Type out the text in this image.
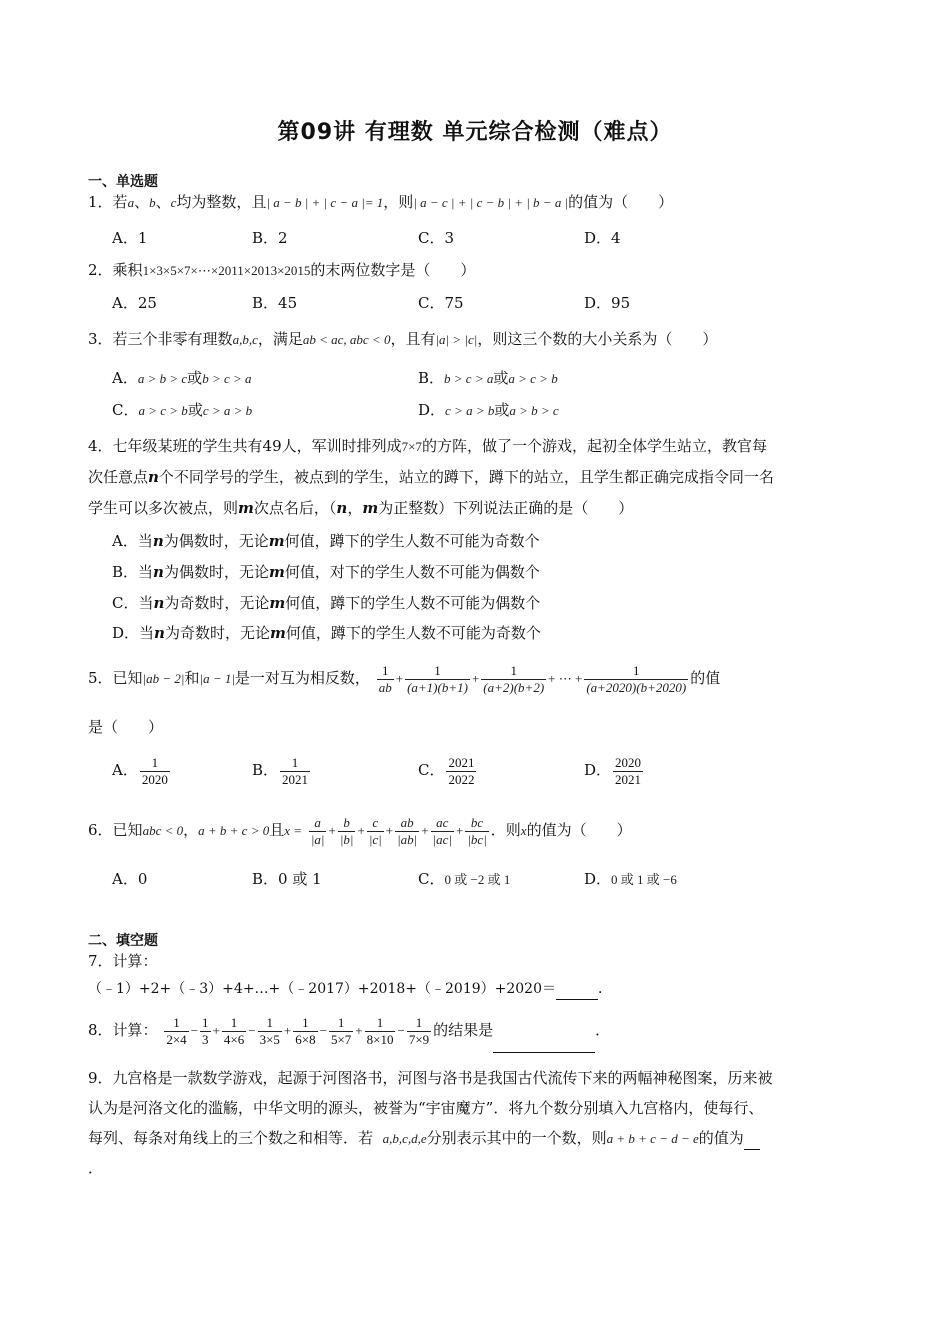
第09讲 有理数 单元综合检测（难点）
一、单选题
1．若a、b、c均为整数，且| a − b | + | c − a |= 1，则| a − c | + | c − b | + | b − a |的值为（　　）
A．1	B．2	C．3	D．4
2．乘积1×3×5×7×⋯×2011×2013×2015的末两位数字是（　　）
A．25	B．45	C．75	D．95
3．若三个非零有理数a,b,c，满足ab < ac, abc < 0，且有|a| > |c|，则这三个数的大小关系为（　　）
A．a > b > c或b > c > a	B．b > c > a或a > c > b
C．a > c > b或c > a > b	D．c > a > b或a > b > c
4．七年级某班的学生共有49人，军训时排列成7×7的方阵，做了一个游戏，起初全体学生站立，教官每
次任意点n个不同学号的学生，被点到的学生，站立的蹲下，蹲下的站立，且学生都正确完成指令同一名
学生可以多次被点，则m次点名后，（n，m为正整数）下列说法正确的是（　　）
A．当n为偶数时，无论m何值，蹲下的学生人数不可能为奇数个
B．当n为偶数时，无论m何值，对下的学生人数不可能为偶数个
C．当n为奇数时，无论m何值，蹲下的学生人数不可能为偶数个
D．当n为奇数时，无论m何值，蹲下的学生人数不可能为奇数个
5．已知|ab − 2|和|a − 1|是一对互为相反数， $\frac{1}{ab} + \frac{1}{(a+1)(b+1)} + \frac{1}{(a+2)(b+2)}$ + ⋯ + $\frac{1}{(a+2020)(b+2020)}$ 的值
是（　　）
A． $\frac{1}{2020}$	B． $\frac{1}{2021}$	C． $\frac{2021}{2022}$	D． $\frac{2020}{2021}$
6．已知abc < 0，a + b + c > 0且$x = \frac{a}{|a|} + \frac{b}{|b|} + \frac{c}{|c|} + \frac{ab}{|ab|} + \frac{ac}{|ac|} + \frac{bc}{|bc|}$ ．则x的值为（　　）
A．0	B．0 或 1	C．0 或 −2 或 1	D．0 或 1 或 −6
二、填空题
7．计算：
（﹣1）+2+（﹣3）+4+…+（﹣2017）+2018+（﹣2019）+2020＝	．
8．计算： $\frac{1}{2\times 4} - \frac{1}{3} + \frac{1}{4\times 6} - \frac{1}{3\times 5} + \frac{1}{6\times 8} - \frac{1}{5\times 7} + \frac{1}{8\times 10} - \frac{1}{7\times 9}$ 的结果是	．
9．九宫格是一款数学游戏，起源于河图洛书，河图与洛书是我国古代流传下来的两幅神秘图案，历来被
认为是河洛文化的滥觞，中华文明的源头，被誉为“宇宙魔方”．将九个数分别填入九宫格内，使每行、
每列、每条对角线上的三个数之和相等．若 a,b,c,d,e分别表示其中的一个数，则a + b + c − d − e的值为
．
